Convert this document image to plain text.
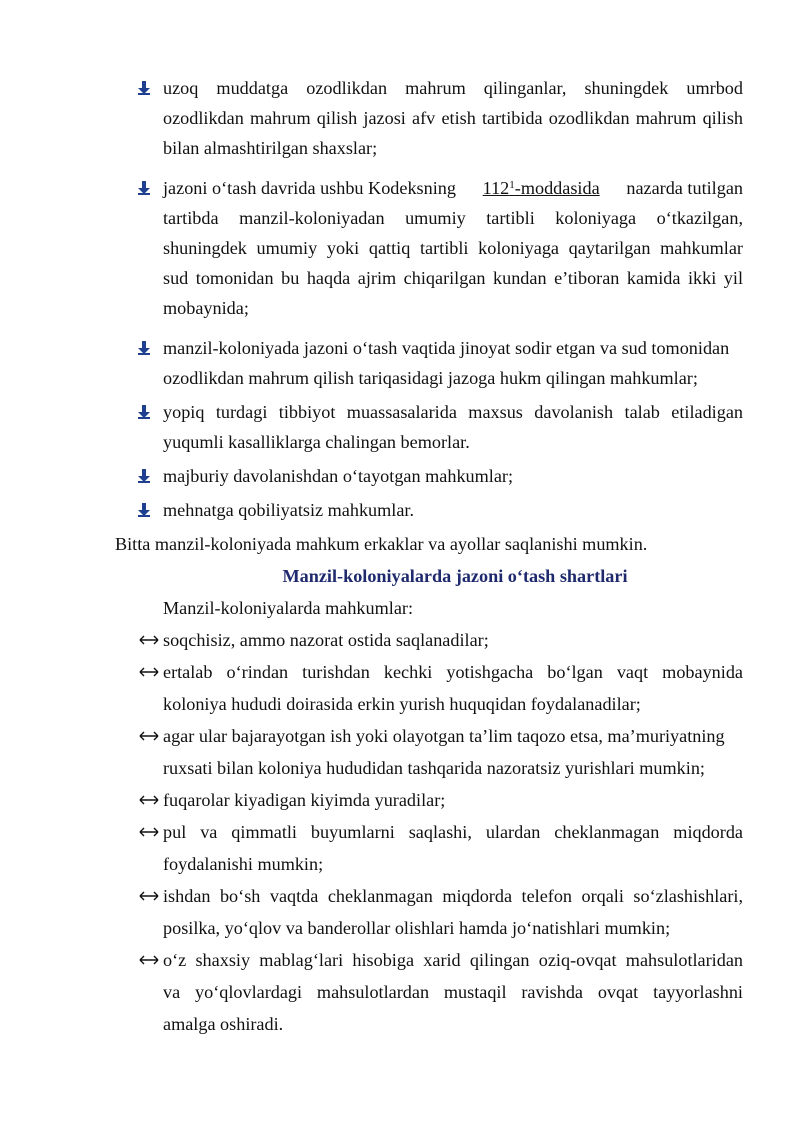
uzoq muddatga ozodlikdan mahrum qilinganlar, shuningdek umrbod
ozodlikdan mahrum qilish jazosi afv etish tartibida ozodlikdan mahrum qilish
bilan almashtirilgan shaxslar;
jazoni o‘tash davrida ushbu Kodeksning $112^1$-moddasida nazarda tutilgan
tartibda manzil-koloniyadan umumiy tartibli koloniyaga o‘tkazilgan,
shuningdek umumiy yoki qattiq tartibli koloniyaga qaytarilgan mahkumlar
sud tomonidan bu haqda ajrim chiqarilgan kundan e’tiboran kamida ikki yil
mobaynida;
manzil-koloniyada jazoni o‘tash vaqtida jinoyat sodir etgan va sud tomonidan
ozodlikdan mahrum qilish tariqasidagi jazoga hukm qilingan mahkumlar;
yopiq turdagi tibbiyot muassasalarida maxsus davolanish talab etiladigan
yuqumli kasalliklarga chalingan bemorlar.
majburiy davolanishdan o‘tayotgan mahkumlar;
mehnatga qobiliyatsiz mahkumlar.
Bitta manzil-koloniyada mahkum erkaklar va ayollar saqlanishi mumkin.
Manzil-koloniyalarda jazoni o‘tash shartlari
Manzil-koloniyalarda mahkumlar:
soqchisiz, ammo nazorat ostida saqlanadilar;
ertalab o‘rindan turishdan kechki yotishgacha bo‘lgan vaqt mobaynida
koloniya hududi doirasida erkin yurish huquqidan foydalanadilar;
agar ular bajarayotgan ish yoki olayotgan ta’lim taqozo etsa, ma’muriyatning
ruxsati bilan koloniya hududidan tashqarida nazoratsiz yurishlari mumkin;
fuqarolar kiyadigan kiyimda yuradilar;
pul va qimmatli buyumlarni saqlashi, ulardan cheklanmagan miqdorda
foydalanishi mumkin;
ishdan bo‘sh vaqtda cheklanmagan miqdorda telefon orqali so‘zlashishlari,
posilka, yo‘qlov va banderollar olishlari hamda jo‘natishlari mumkin;
o‘z shaxsiy mablag‘lari hisobiga xarid qilingan oziq-ovqat mahsulotlaridan
va yo‘qlovlardagi mahsulotlardan mustaqil ravishda ovqat tayyorlashni
amalga oshiradi.
